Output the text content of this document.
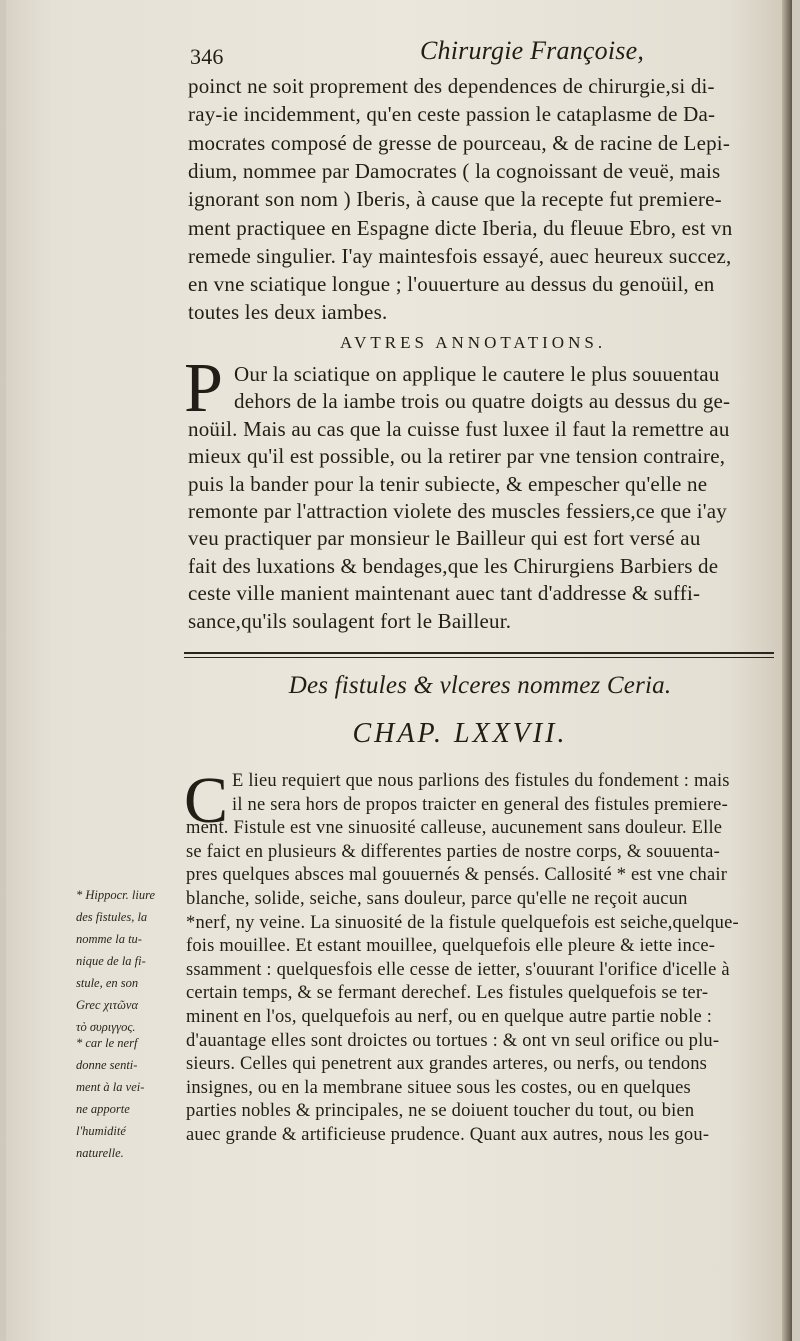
346	Chirurgie Françoise,
poinct ne soit proprement des dependences de chirurgie,si di-
ray-ie incidemment, qu'en ceste passion le cataplasme de Da-
mocrates composé de gresse de pourceau, & de racine de Lepi-
dium, nommee par Damocrates ( la cognoissant de veuë, mais
ignorant son nom ) Iberis, à cause que la recepte fut premiere-
ment practiquee en Espagne dicte Iberia, du fleuue Ebro, est vn
remede singulier. I'ay maintesfois essayé, auec heureux succez,
en vne sciatique longue ; l'ouuerture au dessus du genoüil, en
toutes les deux iambes.
AVTRES ANNOTATIONS.
P Our la sciatique on applique le cautere le plus souuentau
dehors de la iambe trois ou quatre doigts au dessus du ge-
noüil. Mais au cas que la cuisse fust luxee il faut la remettre au
mieux qu'il est possible, ou la retirer par vne tension contraire,
puis la bander pour la tenir subiecte, & empescher qu'elle ne
remonte par l'attraction violete des muscles fessiers,ce que i'ay
veu practiquer par monsieur le Bailleur qui est fort versé au
fait des luxations & bendages,que les Chirurgiens Barbiers de
ceste ville manient maintenant auec tant d'addresse & suffi-
sance,qu'ils soulagent fort le Bailleur.
Des fistules & vlceres nommez Ceria.
CHAP. LXXVII.
C E lieu requiert que nous parlions des fistules du fondement : mais
il ne sera hors de propos traicter en general des fistules premiere-
ment. Fistule est vne sinuosité calleuse, aucunement sans douleur. Elle
se faict en plusieurs & differentes parties de nostre corps, & souuenta-
pres quelques absces mal gouuernés & pensés. Callosité * est vne chair
blanche, solide, seiche, sans douleur, parce qu'elle ne reçoit aucun
*nerf, ny veine. La sinuosité de la fistule quelquefois est seiche,quelque-
fois mouillee. Et estant mouillee, quelquefois elle pleure & iette ince-
ssamment : quelquesfois elle cesse de ietter, s'ouurant l'orifice d'icelle à
certain temps, & se fermant derechef. Les fistules quelquefois se ter-
minent en l'os, quelquefois au nerf, ou en quelque autre partie noble :
d'auantage elles sont droictes ou tortues : & ont vn seul orifice ou plu-
sieurs. Celles qui penetrent aux grandes arteres, ou nerfs, ou tendons
insignes, ou en la membrane situee sous les costes, ou en quelques
parties nobles & principales, ne se doiuent toucher du tout, ou bien
auec grande & artificieuse prudence. Quant aux autres, nous les gou-
* Hippocr. liure
des fistules, la
nomme la tu-
nique de la fi-
stule, en son
Grec χιτῶνα
τὸ συριγγος.
* car le nerf
donne senti-
ment à la vei-
ne apporte
l'humidité
naturelle.
